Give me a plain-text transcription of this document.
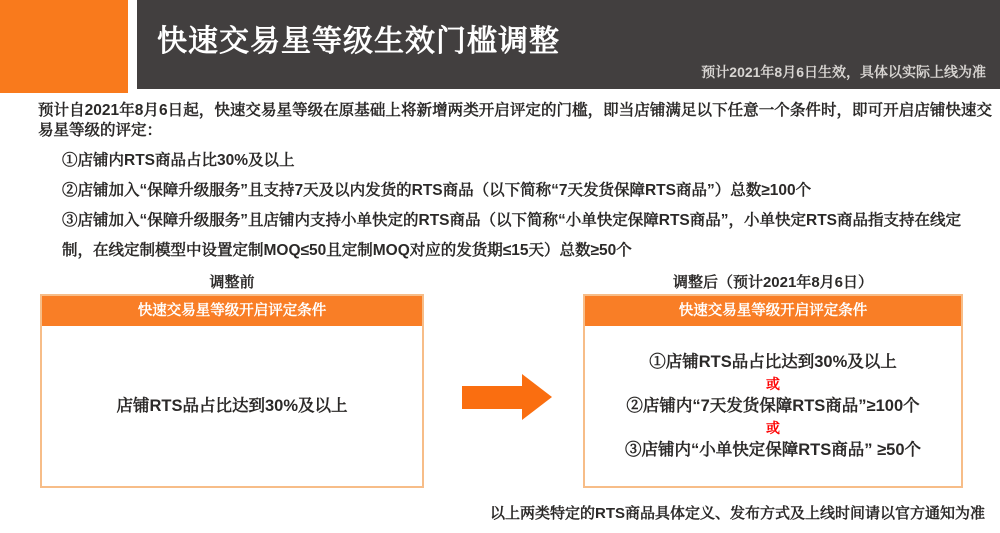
快速交易星等级生效门槛调整
预计2021年8月6日生效，具体以实际上线为准
预计自2021年8月6日起，快速交易星等级在原基础上将新增两类开启评定的门槛，即当店铺满足以下任意一个条件时，即可开启店铺快速交易星等级的评定：
①店铺内RTS商品占比30%及以上
②店铺加入“保障升级服务”且支持7天及以内发货的RTS商品（以下简称“7天发货保障RTS商品”）总数≥100个
③店铺加入“保障升级服务”且店铺内支持小单快定的RTS商品（以下简称“小单快定保障RTS商品”，小单快定RTS商品指支持在线定制，在线定制模型中设置定制MOQ≤50且定制MOQ对应的发货期≤15天）总数≥50个
调整前	调整后（预计2021年8月6日）
快速交易星等级开启评定条件
店铺RTS品占比达到30%及以上
快速交易星等级开启评定条件
①店铺RTS品占比达到30%及以上
或
②店铺内“7天发货保障RTS商品”≥100个
或
③店铺内“小单快定保障RTS商品” ≥50个
以上两类特定的RTS商品具体定义、发布方式及上线时间请以官方通知为准
